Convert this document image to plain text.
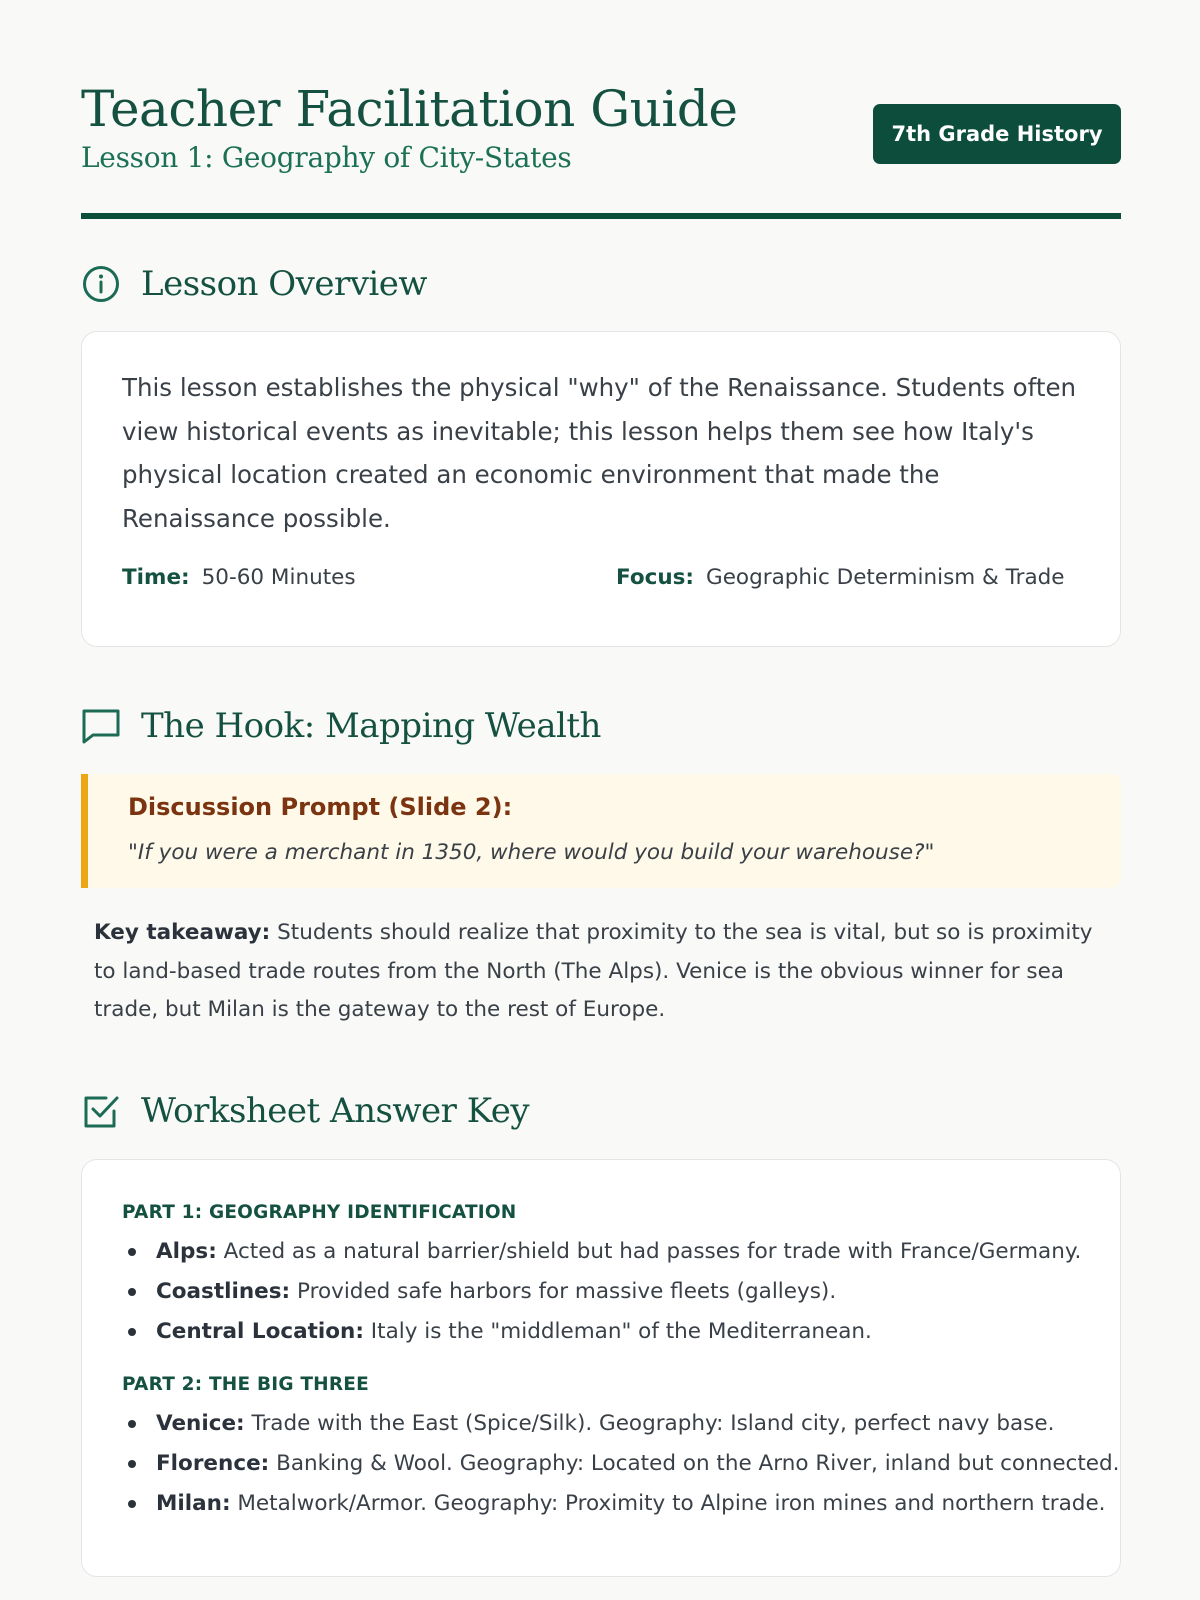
Teacher Facilitation Guide

Lesson 1: Geography of City-States

7th Grade History
Lesson Overview

This lesson establishes the physical "why" of the Renaissance. Students often view historical events as inevitable; this lesson helps them see how Italy's physical location created an economic environment that made the Renaissance possible.

Time: 50-60 Minutes	Focus: Geographic Determinism & Trade
The Hook: Mapping Wealth

Discussion Prompt (Slide 2):

"If you were a merchant in 1350, where would you build your warehouse?"

Key takeaway: Students should realize that proximity to the sea is vital, but so is proximity to land-based trade routes from the North (The Alps). Venice is the obvious winner for sea trade, but Milan is the gateway to the rest of Europe.

Worksheet Answer Key

PART 1: GEOGRAPHY IDENTIFICATION

Alps: Acted as a natural barrier/shield but had passes for trade with France/Germany.
Coastlines: Provided safe harbors for massive fleets (galleys).
Central Location: Italy is the "middleman" of the Mediterranean.

PART 2: THE BIG THREE

Venice: Trade with the East (Spice/Silk). Geography: Island city, perfect navy base.
Florence: Banking & Wool. Geography: Located on the Arno River, inland but connected.
Milan: Metalwork/Armor. Geography: Proximity to Alpine iron mines and northern trade.
